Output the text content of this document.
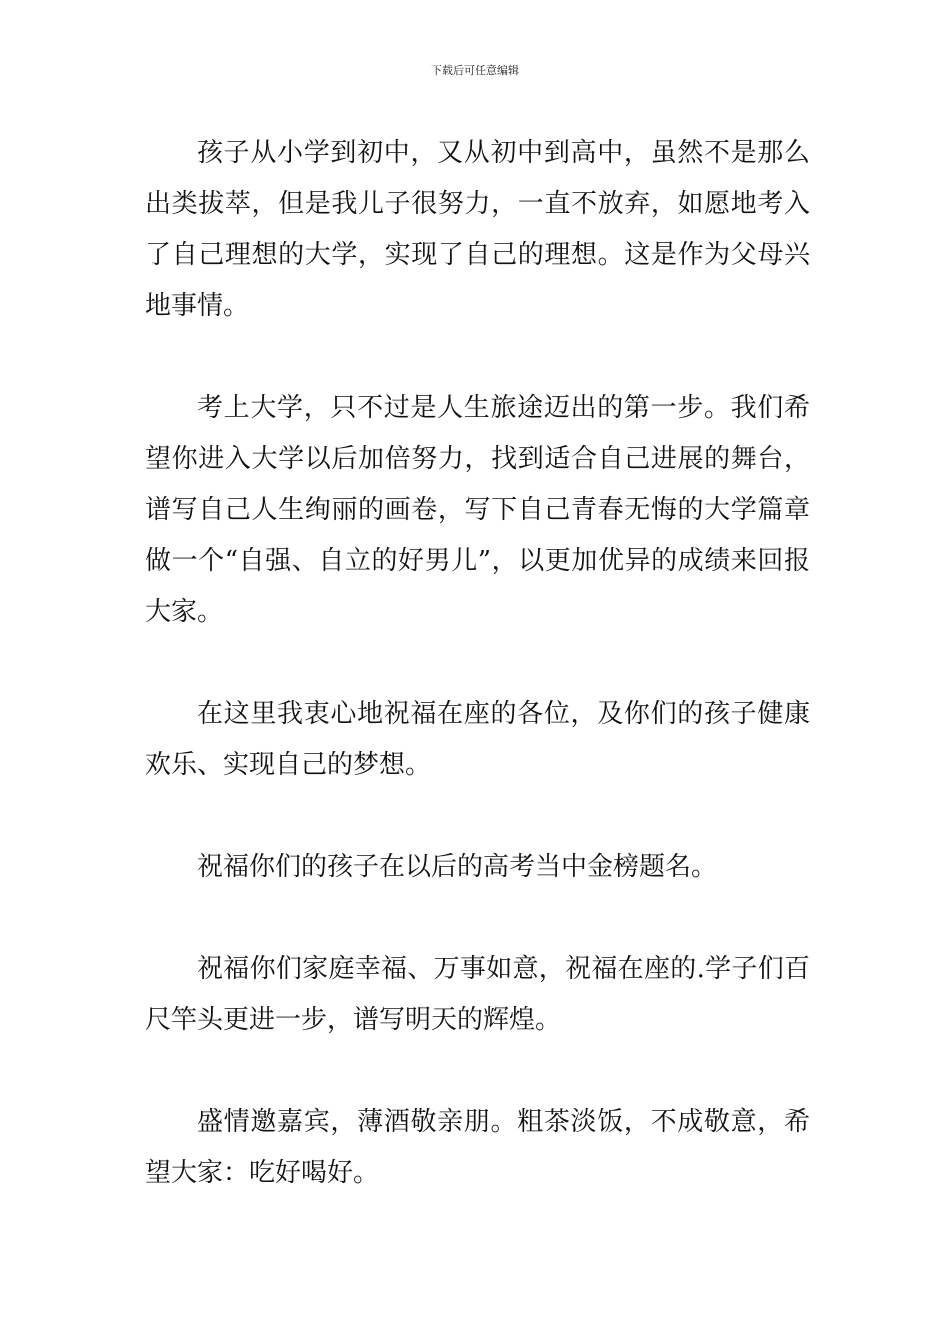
下载后可任意编辑

孩子从小学到初中，又从初中到高中，虽然不是那么出类拔萃，但是我儿子很努力，一直不放弃，如愿地考入了自己理想的大学，实现了自己的理想。这是作为父母兴地事情。

考上大学，只不过是人生旅途迈出的第一步。我们希望你进入大学以后加倍努力，找到适合自己进展的舞台，谱写自己人生绚丽的画卷，写下自己青春无悔的大学篇章做一个“自强、自立的好男儿”，以更加优异的成绩来回报大家。

在这里我衷心地祝福在座的各位，及你们的孩子健康欢乐、实现自己的梦想。

祝福你们的孩子在以后的高考当中金榜题名。

祝福你们家庭幸福、万事如意，祝福在座的.学子们百尺竿头更进一步，谱写明天的辉煌。

盛情邀嘉宾，薄酒敬亲朋。粗茶淡饭，不成敬意，希望大家：吃好喝好。
